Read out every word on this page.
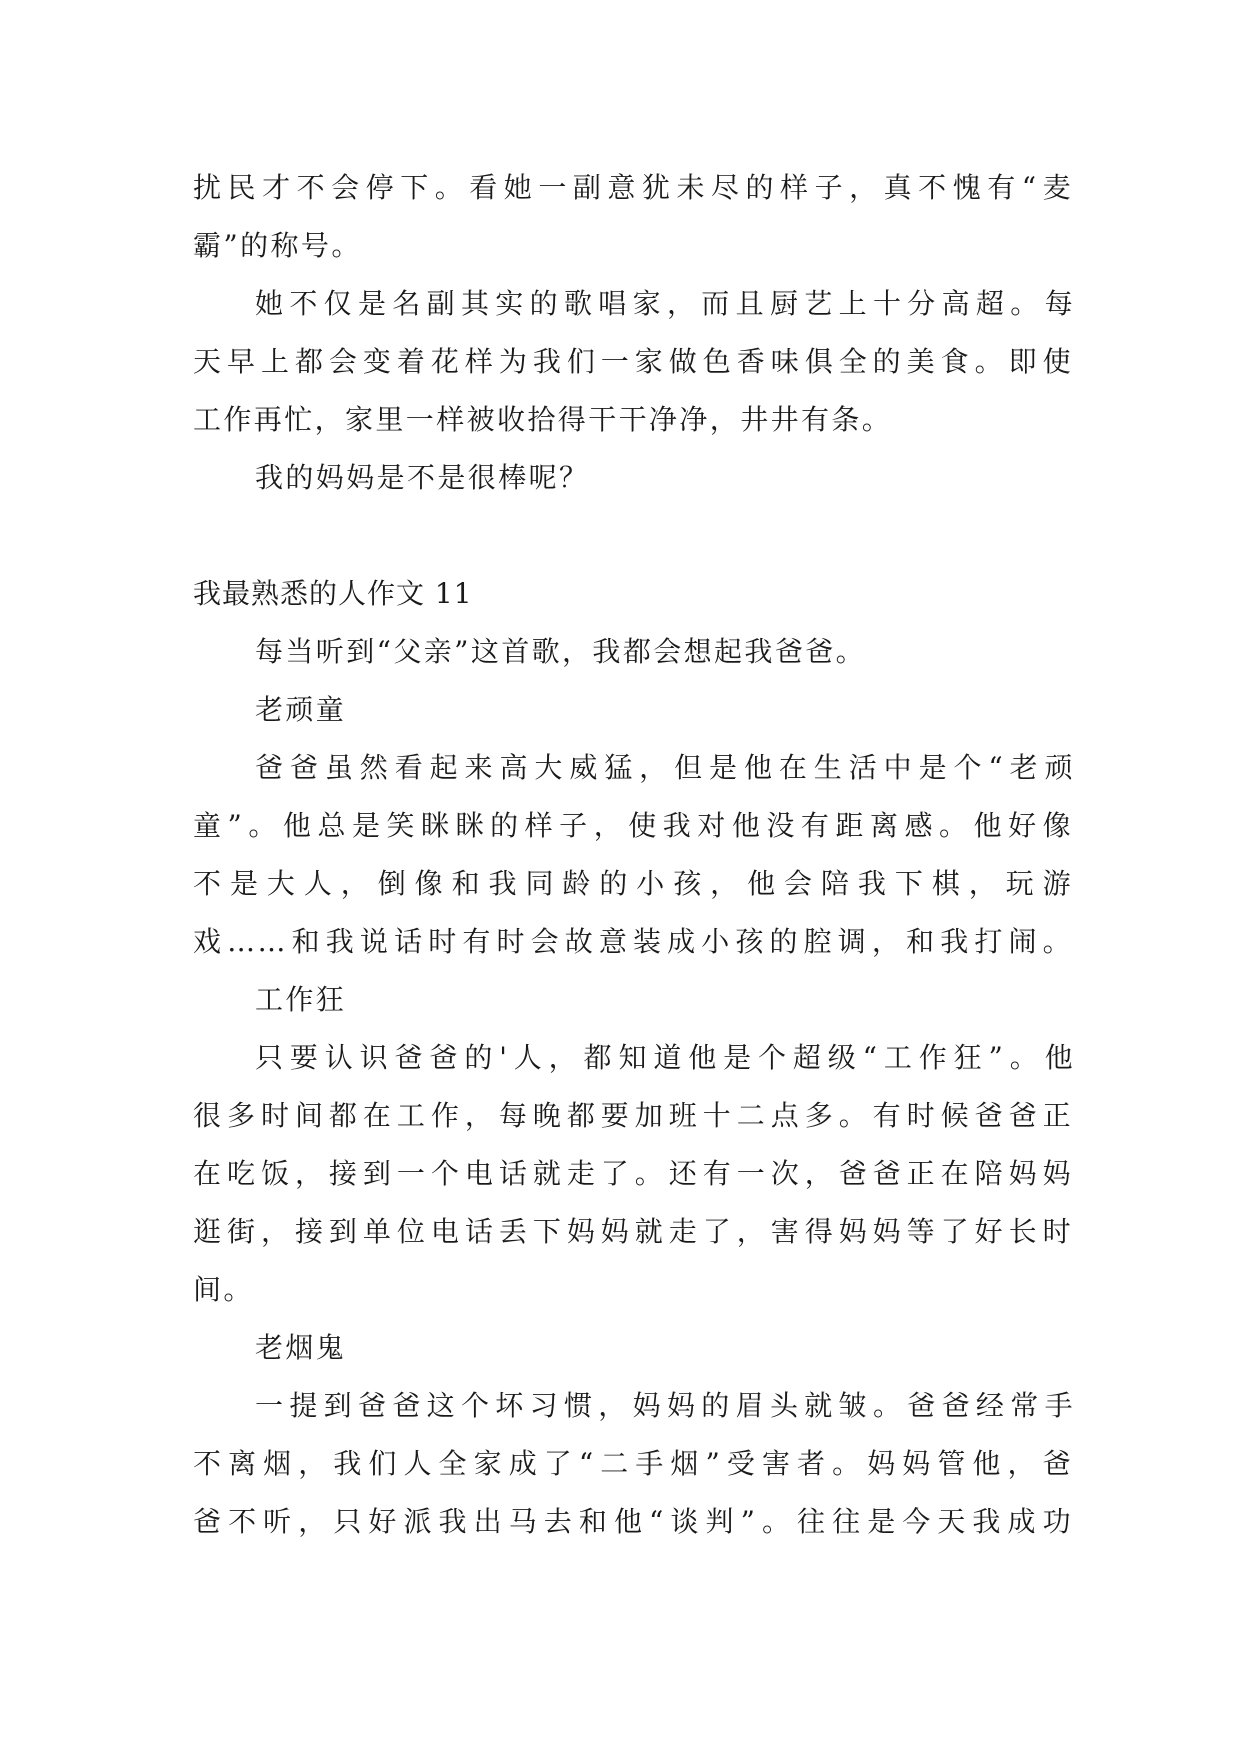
扰民才不会停下。看她一副意犹未尽的样子，真不愧有“麦
霸”的称号。
她不仅是名副其实的歌唱家，而且厨艺上十分高超。每
天早上都会变着花样为我们一家做色香味俱全的美食。即使
工作再忙，家里一样被收拾得干干净净，井井有条。
我的妈妈是不是很棒呢？
我最熟悉的人作文 11
每当听到“父亲”这首歌，我都会想起我爸爸。
老顽童
爸爸虽然看起来高大威猛，但是他在生活中是个“老顽
童”。他总是笑眯眯的样子，使我对他没有距离感。他好像
不是大人，倒像和我同龄的小孩，他会陪我下棋，玩游
戏……和我说话时有时会故意装成小孩的腔调，和我打闹。
工作狂
只要认识爸爸的'人，都知道他是个超级“工作狂”。他
很多时间都在工作，每晚都要加班十二点多。有时候爸爸正
在吃饭，接到一个电话就走了。还有一次，爸爸正在陪妈妈
逛街，接到单位电话丢下妈妈就走了，害得妈妈等了好长时
间。
老烟鬼
一提到爸爸这个坏习惯，妈妈的眉头就皱。爸爸经常手
不离烟，我们人全家成了“二手烟”受害者。妈妈管他，爸
爸不听，只好派我出马去和他“谈判”。往往是今天我成功
